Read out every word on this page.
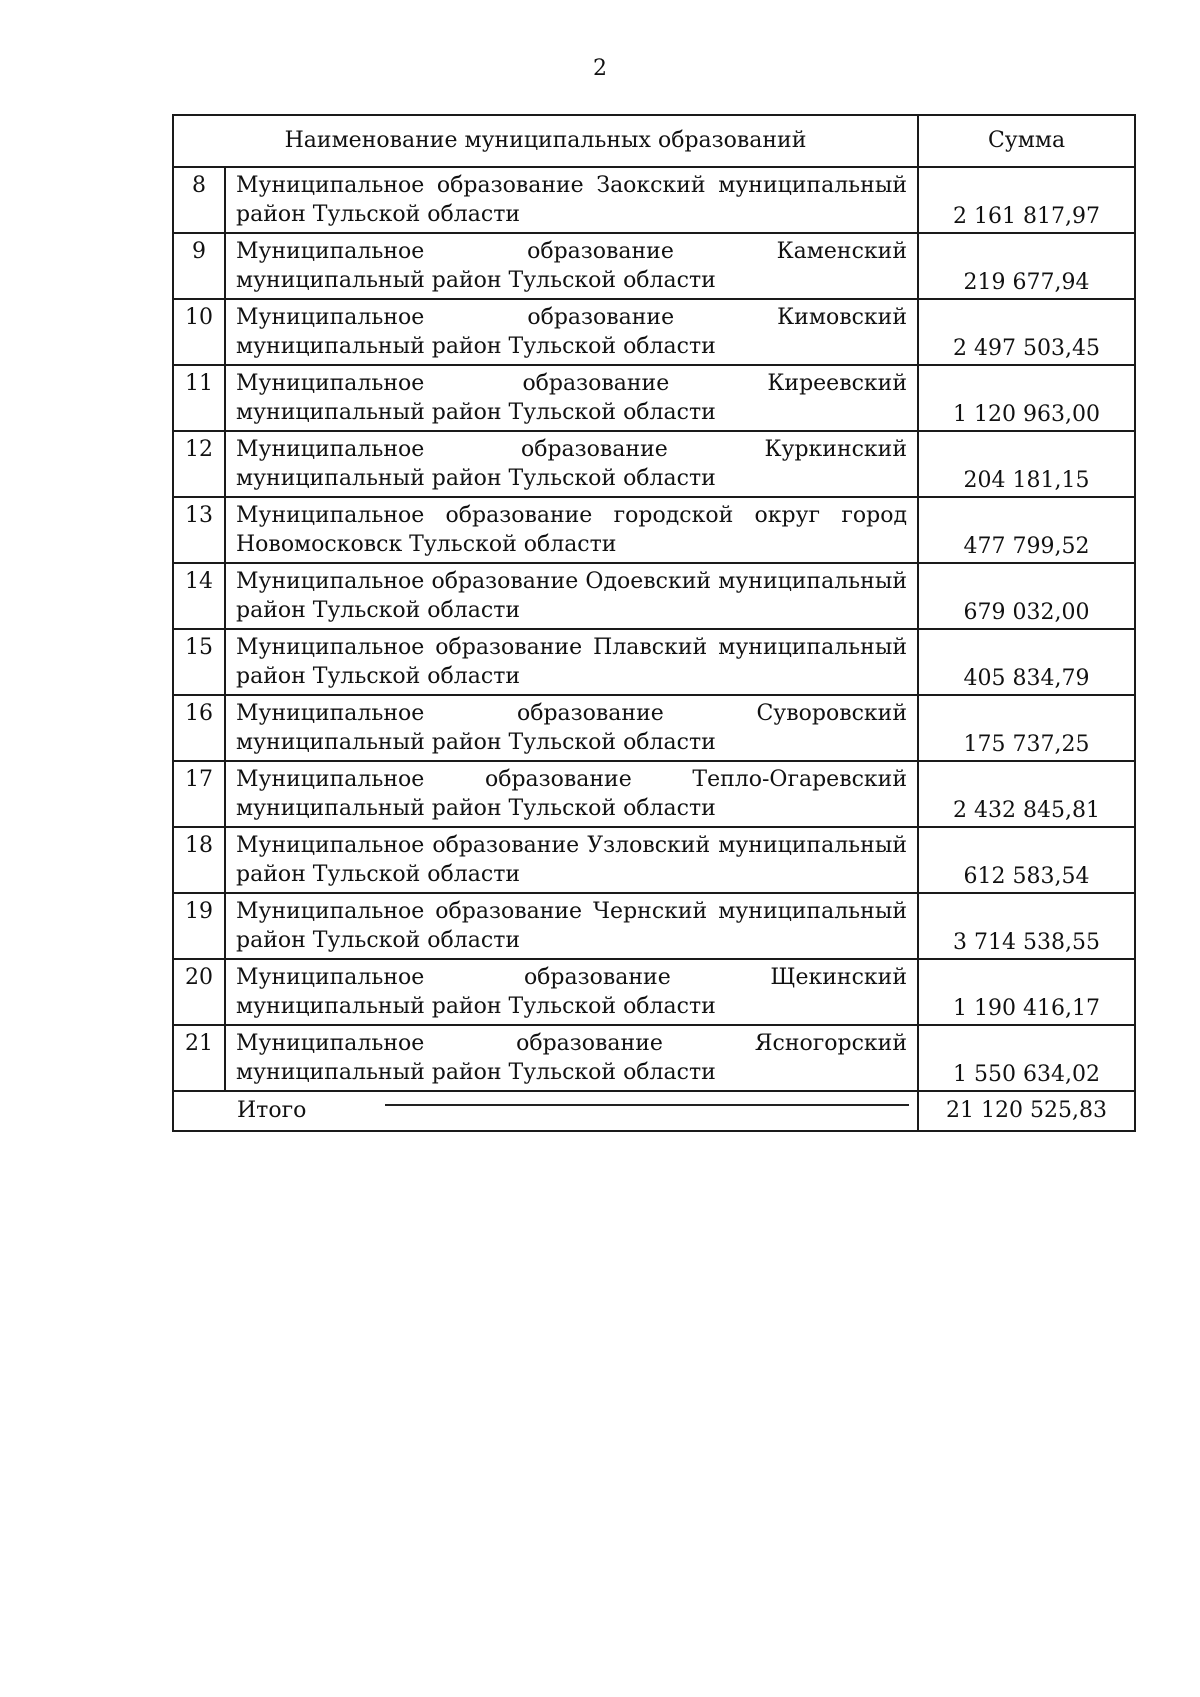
2
Наименование муниципальных образований		Сумма
8	Муниципальное образование Заокский муниципальный район Тульской области	2 161 817,97
9	Муниципальное образование Каменский муниципальный район Тульской области	219 677,94
10	Муниципальное образование Кимовский муниципальный район Тульской области	2 497 503,45
11	Муниципальное образование Киреевский муниципальный район Тульской области	1 120 963,00
12	Муниципальное образование Куркинский муниципальный район Тульской области	204 181,15
13	Муниципальное образование городской округ город Новомосковск Тульской области	477 799,52
14	Муниципальное образование Одоевский муниципальный район Тульской области	679 032,00
15	Муниципальное образование Плавский муниципальный район Тульской области	405 834,79
16	Муниципальное образование Суворовский муниципальный район Тульской области	175 737,25
17	Муниципальное образование Тепло-Огаревский муниципальный район Тульской области	2 432 845,81
18	Муниципальное образование Узловский муниципальный район Тульской области	612 583,54
19	Муниципальное образование Чернский муниципальный район Тульской области	3 714 538,55
20	Муниципальное образование Щекинский муниципальный район Тульской области	1 190 416,17
21	Муниципальное образование Ясногорский муниципальный район Тульской области	1 550 634,02
Итого		21 120 525,83
